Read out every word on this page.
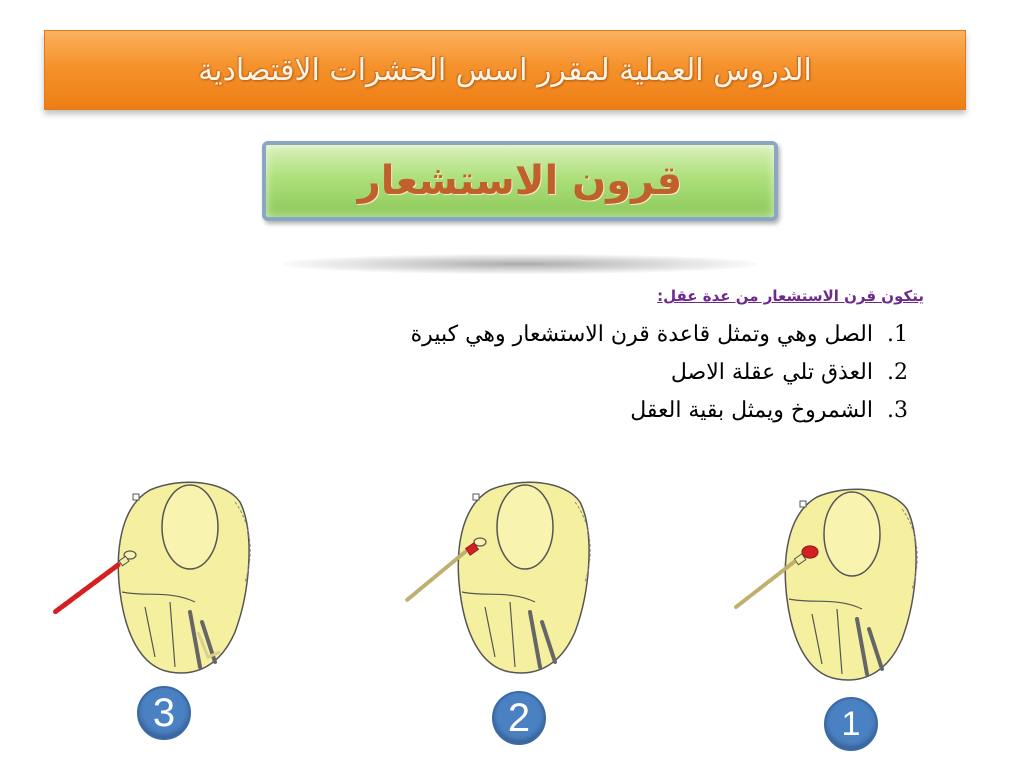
الدروس العملية لمقرر اسس الحشرات الاقتصادية
قرون الاستشعار
يتكون قرن الاستشعار من عدة عقل:
1. الصل وهي وتمثل قاعدة قرن الاستشعار وهي كبيرة
2. العذق تلي عقلة الاصل
3. الشمروخ ويمثل بقية العقل
3	2	1
